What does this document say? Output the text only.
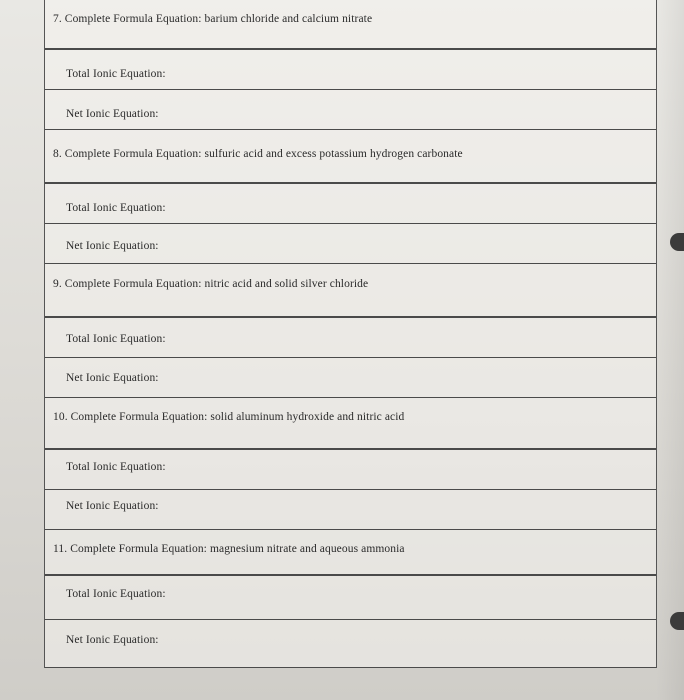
7. Complete Formula Equation: barium chloride and calcium nitrate
Total Ionic Equation:
Net Ionic Equation:
8. Complete Formula Equation: sulfuric acid and excess potassium hydrogen carbonate
Total Ionic Equation:
Net Ionic Equation:
9. Complete Formula Equation: nitric acid and solid silver chloride
Total Ionic Equation:
Net Ionic Equation:
10. Complete Formula Equation: solid aluminum hydroxide and nitric acid
Total Ionic Equation:
Net Ionic Equation:
11. Complete Formula Equation: magnesium nitrate and aqueous ammonia
Total Ionic Equation:
Net Ionic Equation:
